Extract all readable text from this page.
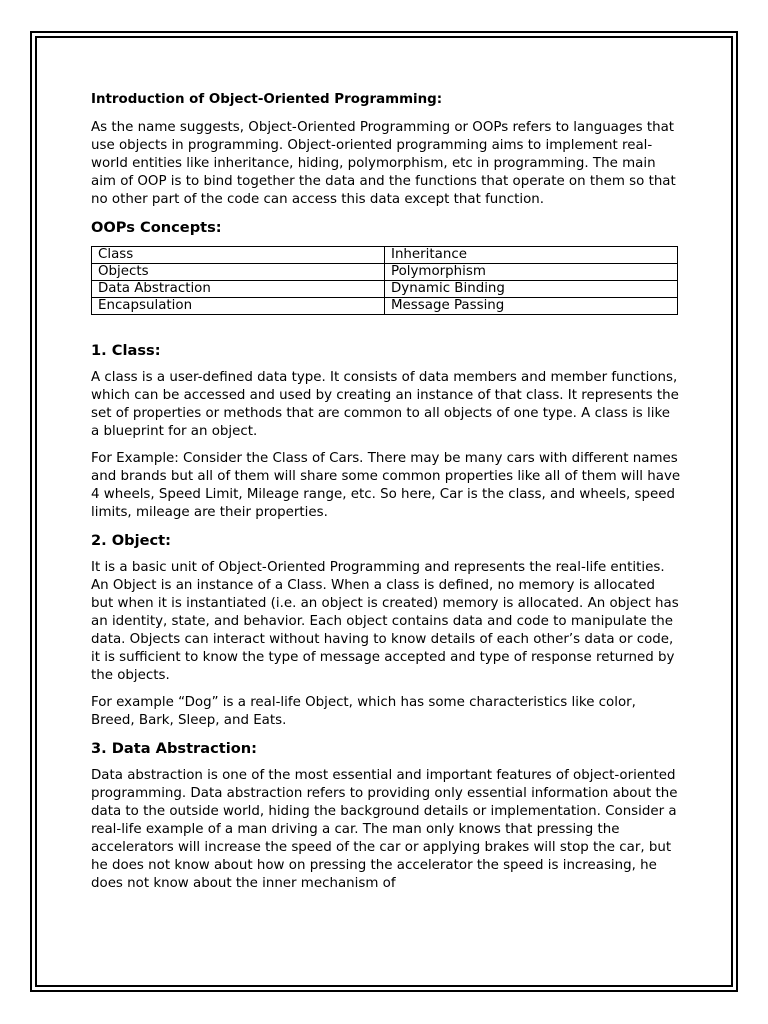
Introduction of Object-Oriented Programming:

As the name suggests, Object-Oriented Programming or OOPs refers to languages that use objects in programming. Object-oriented programming aims to implement real-world entities like inheritance, hiding, polymorphism, etc in programming. The main aim of OOP is to bind together the data and the functions that operate on them so that no other part of the code can access this data except that function.

OOPs Concepts:
Class	Inheritance
Objects	Polymorphism
Data Abstraction	Dynamic Binding
Encapsulation	Message Passing
1. Class:

A class is a user-defined data type. It consists of data members and member functions, which can be accessed and used by creating an instance of that class. It represents the set of properties or methods that are common to all objects of one type. A class is like a blueprint for an object.

For Example: Consider the Class of Cars. There may be many cars with different names and brands but all of them will share some common properties like all of them will have 4 wheels, Speed Limit, Mileage range, etc. So here, Car is the class, and wheels, speed limits, mileage are their properties.

2. Object:

It is a basic unit of Object-Oriented Programming and represents the real-life entities. An Object is an instance of a Class. When a class is defined, no memory is allocated but when it is instantiated (i.e. an object is created) memory is allocated. An object has an identity, state, and behavior. Each object contains data and code to manipulate the data. Objects can interact without having to know details of each other’s data or code, it is sufficient to know the type of message accepted and type of response returned by the objects.

For example “Dog” is a real-life Object, which has some characteristics like color, Breed, Bark, Sleep, and Eats.

3. Data Abstraction:

Data abstraction is one of the most essential and important features of object-oriented programming. Data abstraction refers to providing only essential information about the data to the outside world, hiding the background details or implementation. Consider a real-life example of a man driving a car. The man only knows that pressing the accelerators will increase the speed of the car or applying brakes will stop the car, but he does not know about how on pressing the accelerator the speed is increasing, he does not know about the inner mechanism of
